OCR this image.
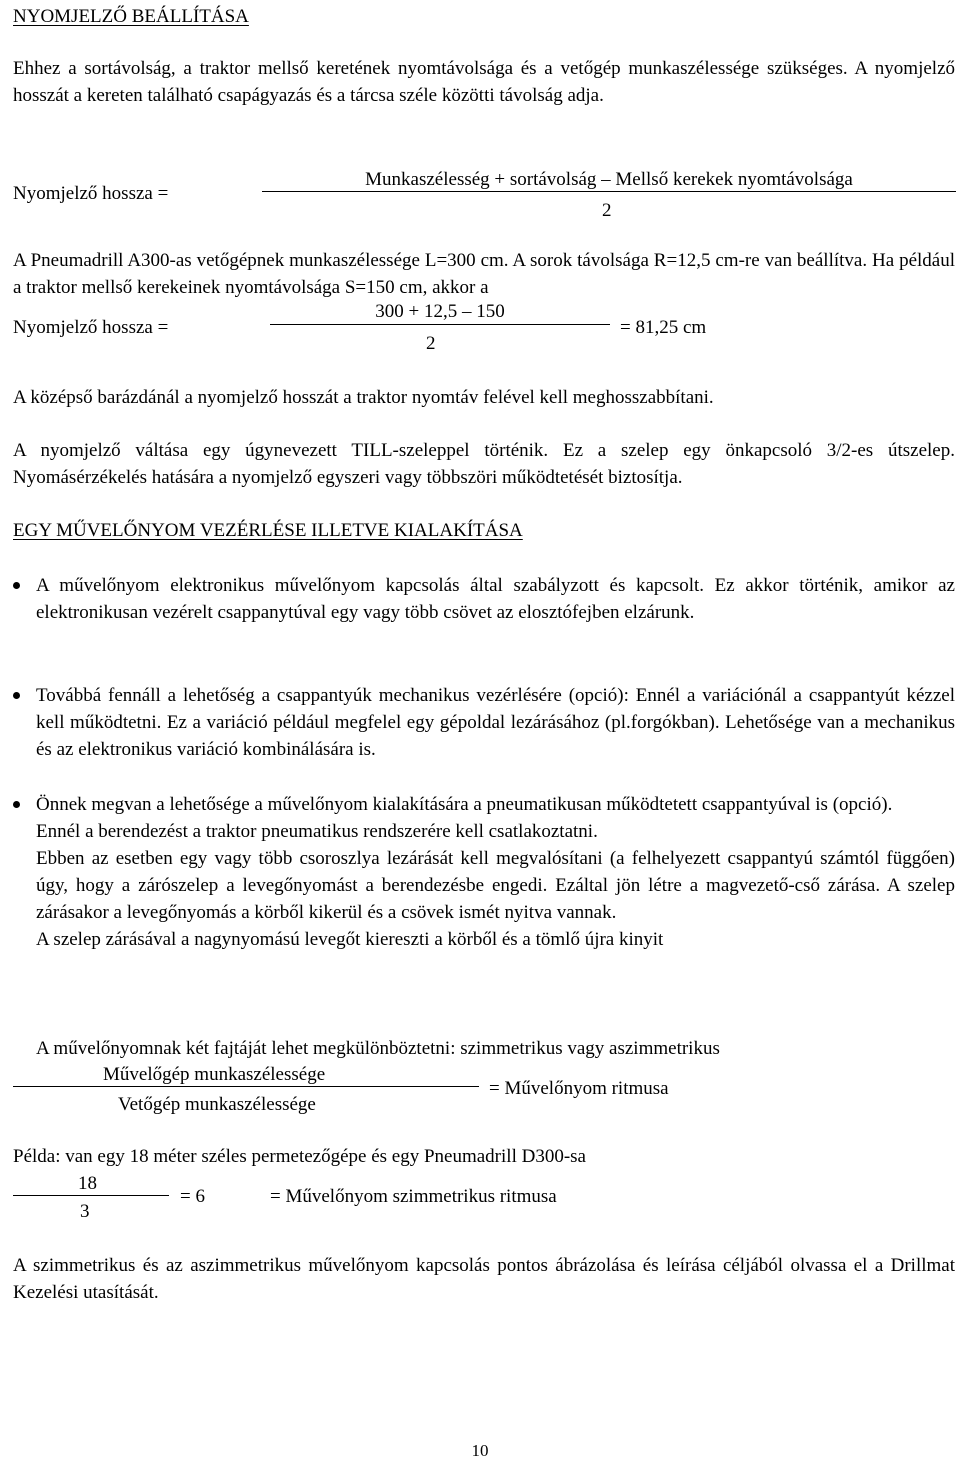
NYOMJELZŐ BEÁLLÍTÁSA
Ehhez a sortávolság, a traktor mellső keretének nyomtávolsága és a vetőgép munkaszélessége szükséges. A nyomjelző hosszát a kereten található csapágyazás és a tárcsa széle közötti távolság adja.
Nyomjelző hossza =
Munkaszélesség + sortávolság – Mellső kerekek nyomtávolsága
2
A Pneumadrill A300-as vetőgépnek munkaszélessége L=300 cm. A sorok távolsága R=12,5 cm-re van beállítva. Ha például a traktor mellső kerekeinek nyomtávolsága S=150 cm, akkor a
Nyomjelző hossza =
300 + 12,5 – 150
2
= 81,25 cm
A középső barázdánál a nyomjelző hosszát a traktor nyomtáv felével kell meghosszabbítani.
A nyomjelző váltása egy úgynevezett TILL-szeleppel történik. Ez a szelep egy önkapcsoló 3/2-es útszelep. Nyomásérzékelés hatására a nyomjelző egyszeri vagy többszöri működtetését biztosítja.
EGY MŰVELŐNYOM VEZÉRLÉSE ILLETVE KIALAKÍTÁSA
A művelőnyom elektronikus művelőnyom kapcsolás által szabályzott és kapcsolt. Ez akkor történik, amikor az elektronikusan vezérelt csappanytúval egy vagy több csövet az elosztófejben elzárunk.
Továbbá fennáll a lehetőség a csappantyúk mechanikus vezérlésére (opció): Ennél a variációnál a csappantyút kézzel kell működtetni. Ez a variáció például megfelel egy gépoldal lezárásához (pl.forgókban). Lehetősége van a mechanikus és az elektronikus variáció kombinálására is.
Önnek megvan a lehetősége a művelőnyom kialakítására a pneumatikusan működtetett csappantyúval is (opció).
Ennél a berendezést a traktor pneumatikus rendszerére kell csatlakoztatni.
Ebben az esetben egy vagy több csoroszlya lezárását kell megvalósítani (a felhelyezett csappantyú számtól függően) úgy, hogy a zárószelep a levegőnyomást a berendezésbe engedi. Ezáltal jön létre a magvezető-cső zárása. A szelep zárásakor a levegőnyomás a körből kikerül és a csövek ismét nyitva vannak.
A szelep zárásával a nagynyomású levegőt kiereszti a körből és a tömlő újra kinyit
A művelőnyomnak két fajtáját lehet megkülönböztetni: szimmetrikus vagy aszimmetrikus
Művelőgép munkaszélessége
Vetőgép munkaszélessége
= Művelőnyom ritmusa
Példa: van egy 18 méter széles permetezőgépe és egy Pneumadrill D300-sa
18
3
= 6	= Művelőnyom szimmetrikus ritmusa
A szimmetrikus és az aszimmetrikus művelőnyom kapcsolás pontos ábrázolása és leírása céljából olvassa el a Drillmat Kezelési utasítását.
10
